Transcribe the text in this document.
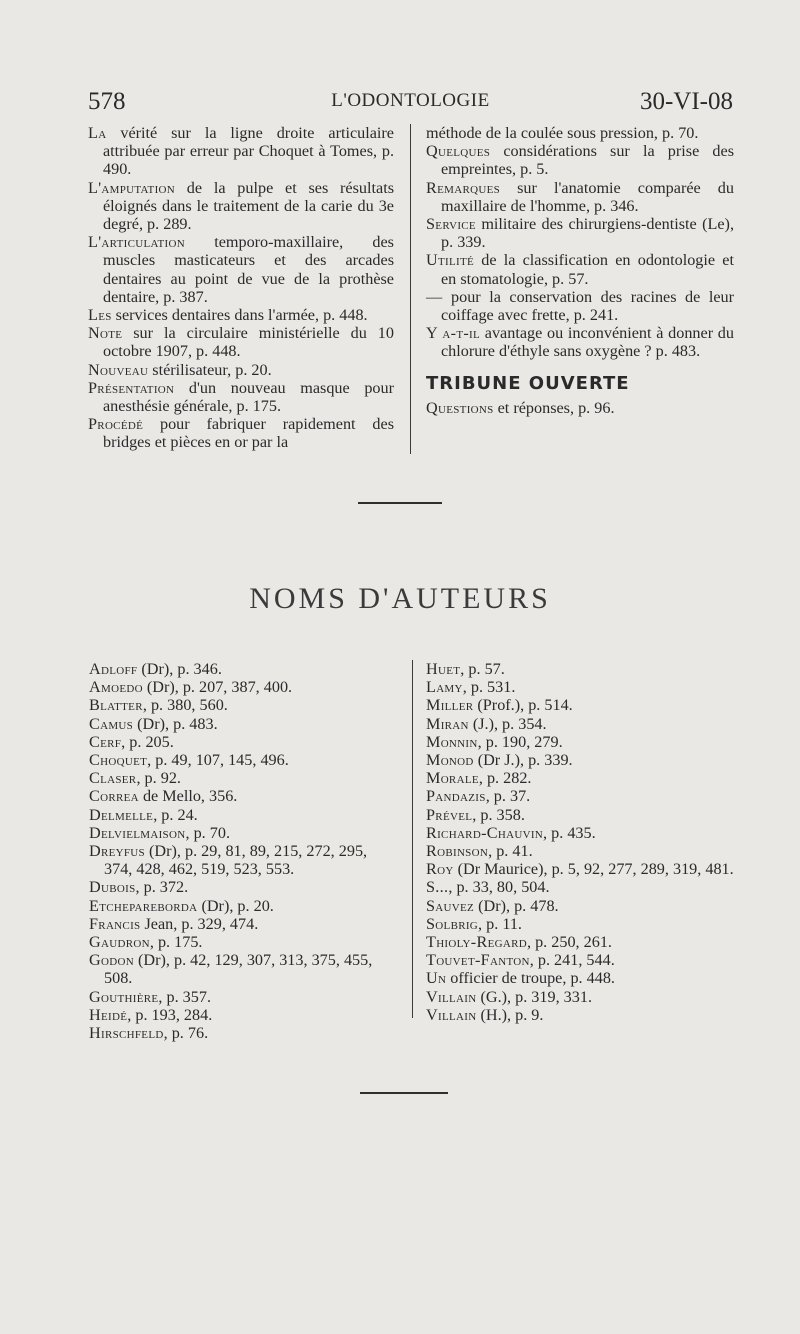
578	L'ODONTOLOGIE	30-VI-08
La vérité sur la ligne droite articulaire attribuée par erreur par Choquet à Tomes, p. 490.
L'amputation de la pulpe et ses résultats éloignés dans le traitement de la carie du 3e degré, p. 289.
L'articulation temporo-maxillaire, des muscles masticateurs et des arcades dentaires au point de vue de la prothèse dentaire, p. 387.
Les services dentaires dans l'armée, p. 448.
Note sur la circulaire ministérielle du 10 octobre 1907, p. 448.
Nouveau stérilisateur, p. 20.
Présentation d'un nouveau masque pour anesthésie générale, p. 175.
Procédé pour fabriquer rapidement des bridges et pièces en or par la
méthode de la coulée sous pression, p. 70.
Quelques considérations sur la prise des empreintes, p. 5.
Remarques sur l'anatomie comparée du maxillaire de l'homme, p. 346.
Service militaire des chirurgiens-dentiste (Le), p. 339.
Utilité de la classification en odontologie et en stomatologie, p. 57.
— pour la conservation des racines de leur coiffage avec frette, p. 241.
Y a-t-il avantage ou inconvénient à donner du chlorure d'éthyle sans oxygène ? p. 483.
TRIBUNE OUVERTE
Questions et réponses, p. 96.
NOMS D'AUTEURS
Adloff (Dr), p. 346.
Amoedo (Dr), p. 207, 387, 400.
Blatter, p. 380, 560.
Camus (Dr), p. 483.
Cerf, p. 205.
Choquet, p. 49, 107, 145, 496.
Claser, p. 92.
Correa de Mello, 356.
Delmelle, p. 24.
Delvielmaison, p. 70.
Dreyfus (Dr), p. 29, 81, 89, 215, 272, 295, 374, 428, 462, 519, 523, 553.
Dubois, p. 372.
Etchepareborda (Dr), p. 20.
Francis Jean, p. 329, 474.
Gaudron, p. 175.
Godon (Dr), p. 42, 129, 307, 313, 375, 455, 508.
Gouthière, p. 357.
Heidé, p. 193, 284.
Hirschfeld, p. 76.
Huet, p. 57.
Lamy, p. 531.
Miller (Prof.), p. 514.
Miran (J.), p. 354.
Monnin, p. 190, 279.
Monod (Dr J.), p. 339.
Morale, p. 282.
Pandazis, p. 37.
Prével, p. 358.
Richard-Chauvin, p. 435.
Robinson, p. 41.
Roy (Dr Maurice), p. 5, 92, 277, 289, 319, 481.
S..., p. 33, 80, 504.
Sauvez (Dr), p. 478.
Solbrig, p. 11.
Thioly-Regard, p. 250, 261.
Touvet-Fanton, p. 241, 544.
Un officier de troupe, p. 448.
Villain (G.), p. 319, 331.
Villain (H.), p. 9.
